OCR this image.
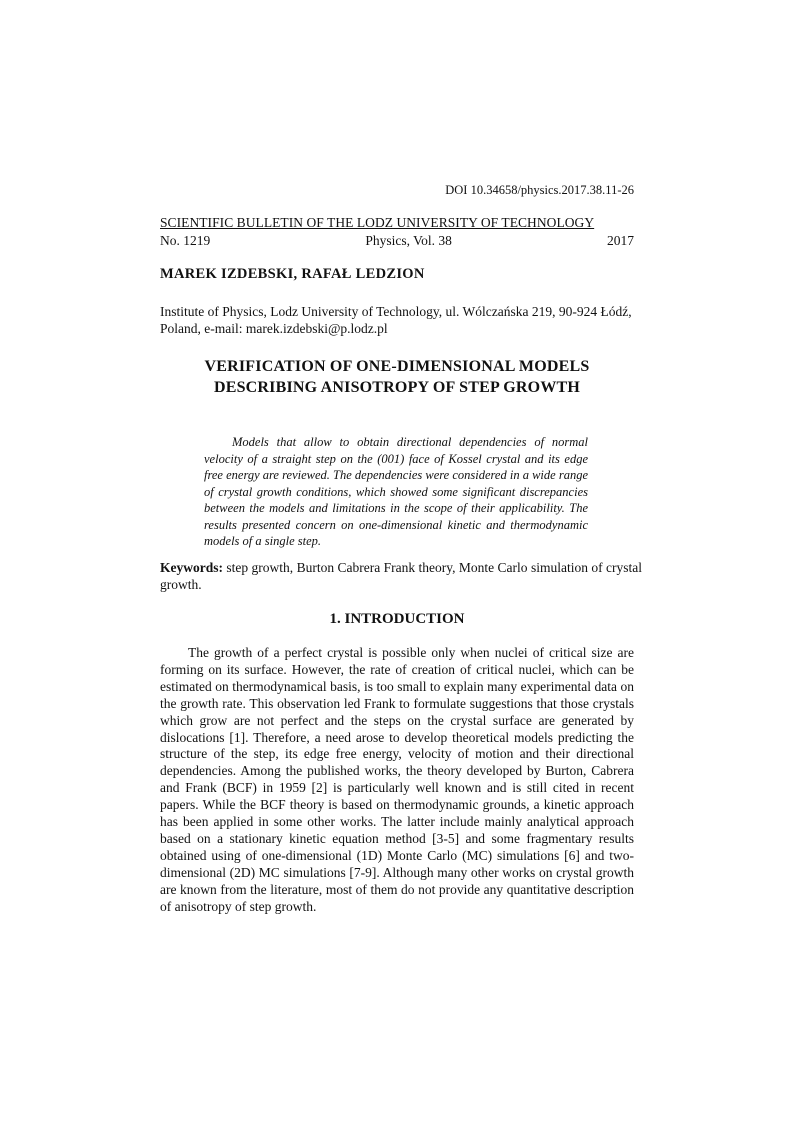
DOI 10.34658/physics.2017.38.11-26
SCIENTIFIC BULLETIN OF THE LODZ UNIVERSITY OF TECHNOLOGY
No. 1219	Physics, Vol. 38	2017
MAREK IZDEBSKI, RAFAŁ LEDZION
Institute of Physics, Lodz University of Technology, ul. Wólczańska 219, 90-924 Łódź, Poland, e-mail: marek.izdebski@p.lodz.pl
VERIFICATION OF ONE-DIMENSIONAL MODELS
DESCRIBING ANISOTROPY OF STEP GROWTH

Models that allow to obtain directional dependencies of normal velocity of a straight step on the (001) face of Kossel crystal and its edge free energy are reviewed. The dependencies were considered in a wide range of crystal growth conditions, which showed some significant discrepancies between the models and limitations in the scope of their applicability. The results presented concern on one-dimensional kinetic and thermodynamic models of a single step.

Keywords: step growth, Burton Cabrera Frank theory, Monte Carlo simulation of crystal growth.

1. INTRODUCTION

The growth of a perfect crystal is possible only when nuclei of critical size are forming on its surface. However, the rate of creation of critical nuclei, which can be estimated on thermodynamical basis, is too small to explain many experimental data on the growth rate. This observation led Frank to formulate suggestions that those crystals which grow are not perfect and the steps on the crystal surface are generated by dislocations [1]. Therefore, a need arose to develop theoretical models predicting the structure of the step, its edge free energy, velocity of motion and their directional dependencies. Among the published works, the theory developed by Burton, Cabrera and Frank (BCF) in 1959 [2] is particularly well known and is still cited in recent papers. While the BCF theory is based on thermodynamic grounds, a kinetic approach has been applied in some other works. The latter include mainly analytical approach based on a stationary kinetic equation method [3-5] and some fragmentary results obtained using of one-dimensional (1D) Monte Carlo (MC) simulations [6] and two-dimensional (2D) MC simulations [7-9]. Although many other works on crystal growth are known from the literature, most of them do not provide any quantitative description of anisotropy of step growth.
